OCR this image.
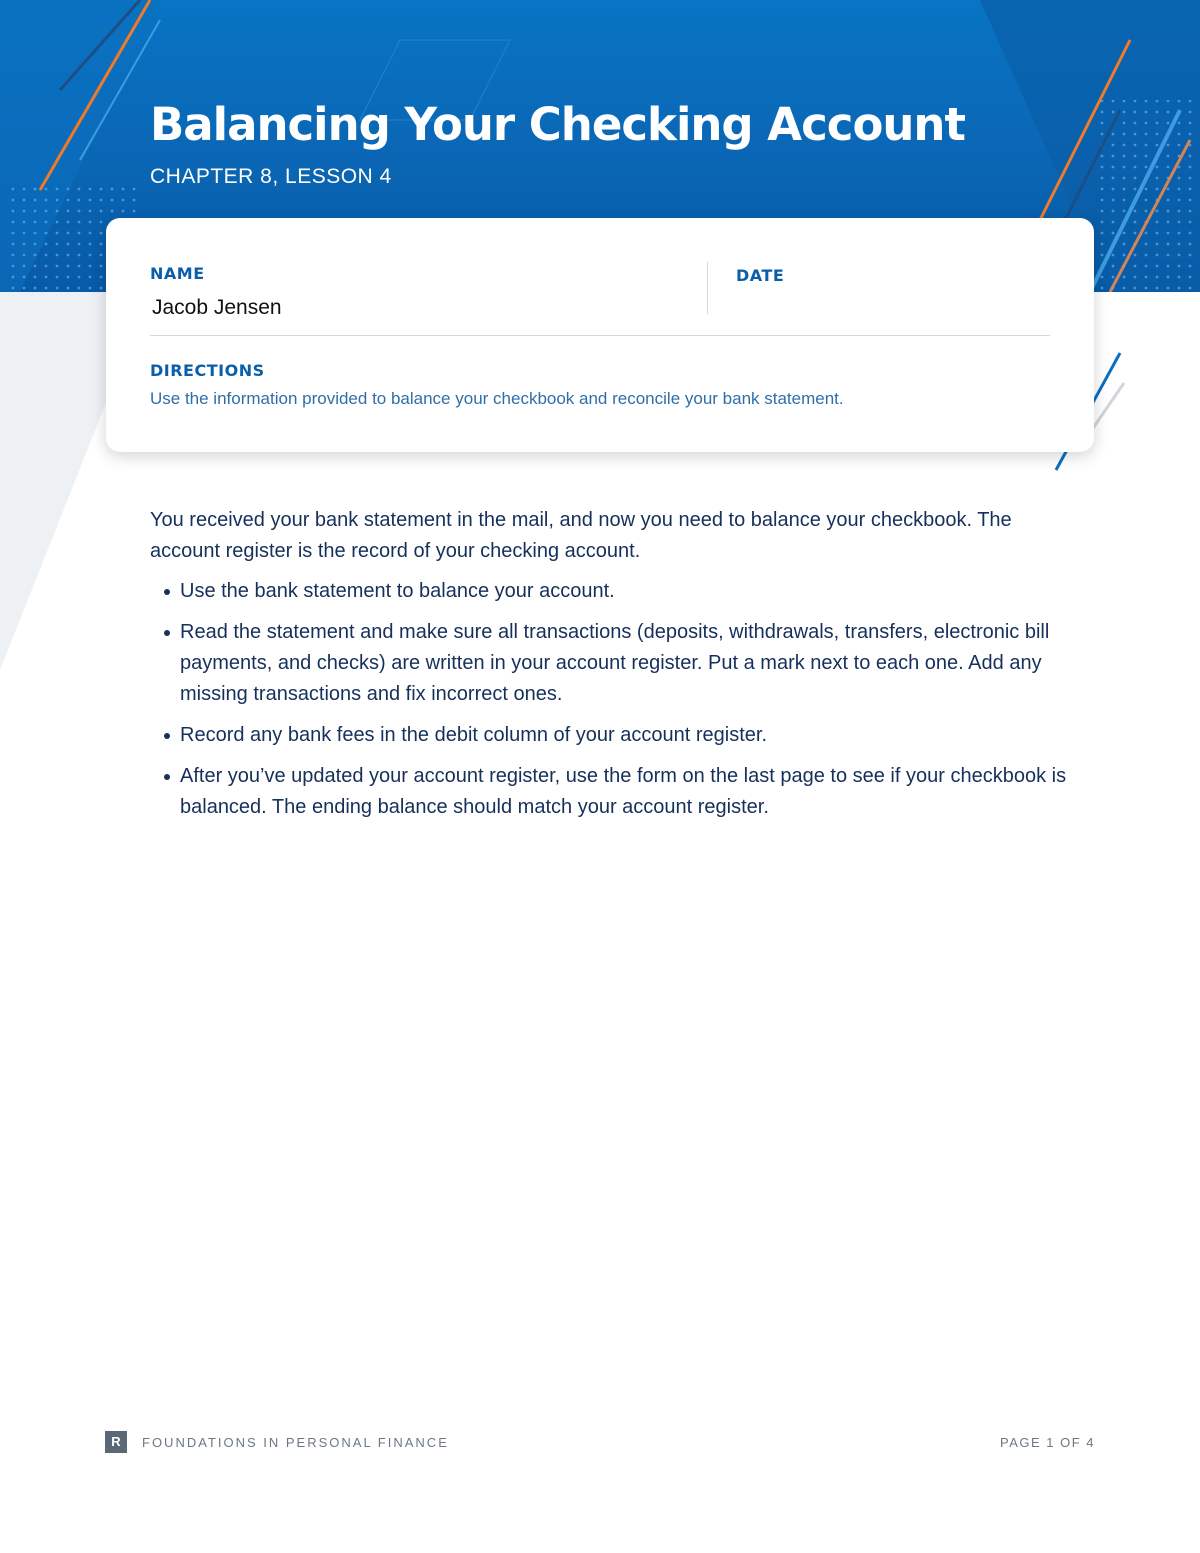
Balancing Your Checking Account
CHAPTER 8, LESSON 4
NAME
Jacob Jensen
DATE
DIRECTIONS
Use the information provided to balance your checkbook and reconcile your bank statement.

You received your bank statement in the mail, and now you need to balance your checkbook. The account register is the record of your checking account.

Use the bank statement to balance your account.
Read the statement and make sure all transactions (deposits, withdrawals, transfers, electronic bill payments, and checks) are written in your account register. Put a mark next to each one. Add any missing transactions and fix incorrect ones.
Record any bank fees in the debit column of your account register.
After you’ve updated your account register, use the form on the last page to see if your checkbook is balanced. The ending balance should match your account register.
R	FOUNDATIONS IN PERSONAL FINANCE	PAGE 1 OF 4
